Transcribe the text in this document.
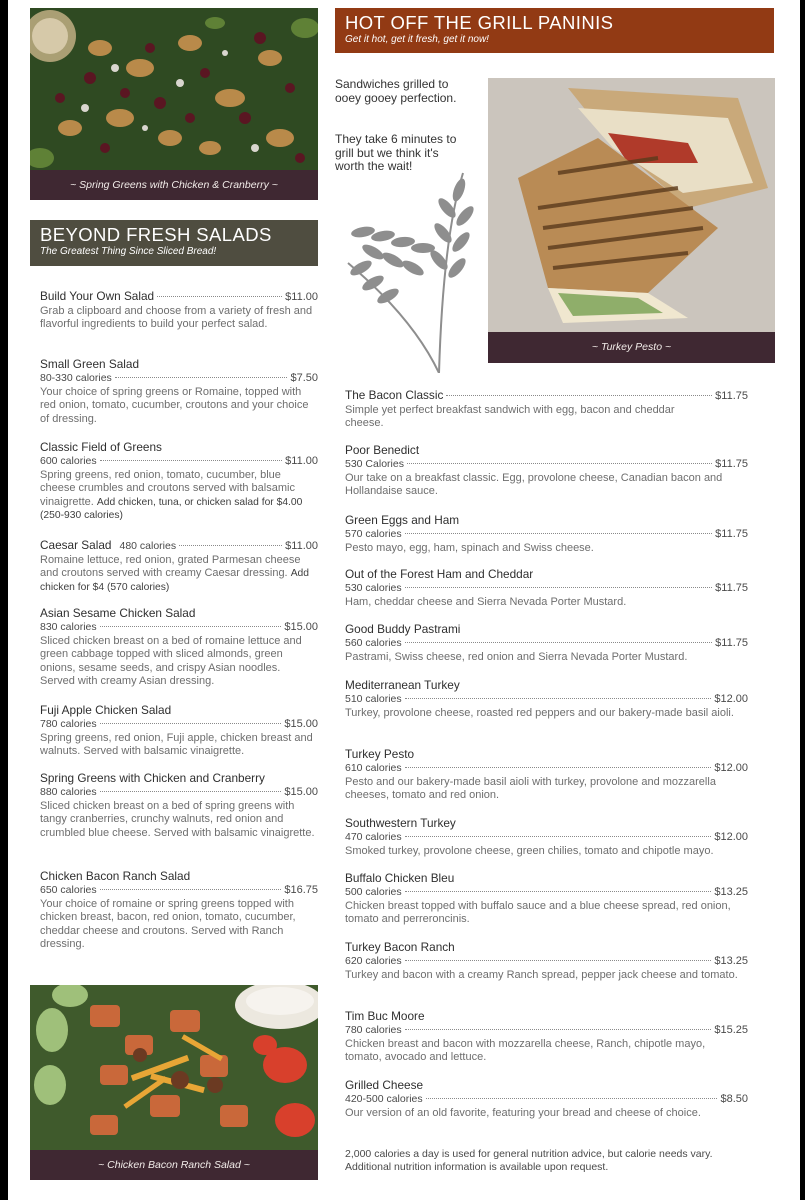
~ Spring Greens with Chicken & Cranberry ~
BEYOND FRESH SALADS
The Greatest Thing Since Sliced Bread!
Build Your Own Salad	$11.00
Grab a clipboard and choose from a variety of fresh and flavorful ingredients to build your perfect salad.
Small Green Salad
80-330 calories	$7.50
Your choice of spring greens or Romaine, topped with red onion, tomato, cucumber, croutons and your choice of dressing.
Classic Field of Greens
600 calories	$11.00
Spring greens, red onion, tomato, cucumber, blue cheese crumbles and croutons served with balsamic vinaigrette. Add chicken, tuna, or chicken salad for $4.00 (250-930 calories)
Caesar Salad 480 calories	$11.00
Romaine lettuce, red onion, grated Parmesan cheese and croutons served with creamy Caesar dressing. Add chicken for $4 (570 calories)
Asian Sesame Chicken Salad
830 calories	$15.00
Sliced chicken breast on a bed of romaine lettuce and green cabbage topped with sliced almonds, green onions, sesame seeds, and crispy Asian noodles. Served with creamy Asian dressing.
Fuji Apple Chicken Salad
780 calories	$15.00
Spring greens, red onion, Fuji apple, chicken breast and walnuts. Served with balsamic vinaigrette.
Spring Greens with Chicken and Cranberry
880 calories	$15.00
Sliced chicken breast on a bed of spring greens with tangy cranberries, crunchy walnuts, red onion and crumbled blue cheese. Served with balsamic vinaigrette.
Chicken Bacon Ranch Salad
650 calories	$16.75
Your choice of romaine or spring greens topped with chicken breast, bacon, red onion, tomato, cucumber, cheddar cheese and croutons. Served with Ranch dressing.
~ Chicken Bacon Ranch Salad ~
HOT OFF THE GRILL PANINIS
Get it hot, get it fresh, get it now!
Sandwiches grilled to ooey gooey perfection.
They take 6 minutes to grill but we think it's worth the wait!
~ Turkey Pesto ~
The Bacon Classic	$11.75
Simple yet perfect breakfast sandwich with egg, bacon and cheddar cheese.
Poor Benedict
530 Calories	$11.75
Our take on a breakfast classic. Egg, provolone cheese, Canadian bacon and Hollandaise sauce.
Green Eggs and Ham
570 calories	$11.75
Pesto mayo, egg, ham, spinach and Swiss cheese.
Out of the Forest Ham and Cheddar
530 calories	$11.75
Ham, cheddar cheese and Sierra Nevada Porter Mustard.
Good Buddy Pastrami
560 calories	$11.75
Pastrami, Swiss cheese, red onion and Sierra Nevada Porter Mustard.
Mediterranean Turkey
510 calories	$12.00
Turkey, provolone cheese, roasted red peppers and our bakery-made basil aioli.
Turkey Pesto
610 calories	$12.00
Pesto and our bakery-made basil aioli with turkey, provolone and mozzarella cheeses, tomato and red onion.
Southwestern Turkey
470 calories	$12.00
Smoked turkey, provolone cheese, green chilies, tomato and chipotle mayo.
Buffalo Chicken Bleu
500 calories	$13.25
Chicken breast topped with buffalo sauce and a blue cheese spread, red onion, tomato and perreroncinis.
Turkey Bacon Ranch
620 calories	$13.25
Turkey and bacon with a creamy Ranch spread, pepper jack cheese and tomato.
Tim Buc Moore
780 calories	$15.25
Chicken breast and bacon with mozzarella cheese, Ranch, chipotle mayo, tomato, avocado and lettuce.
Grilled Cheese
420-500 calories	$8.50
Our version of an old favorite, featuring your bread and cheese of choice.
2,000 calories a day is used for general nutrition advice, but calorie needs vary.
Additional nutrition information is available upon request.
